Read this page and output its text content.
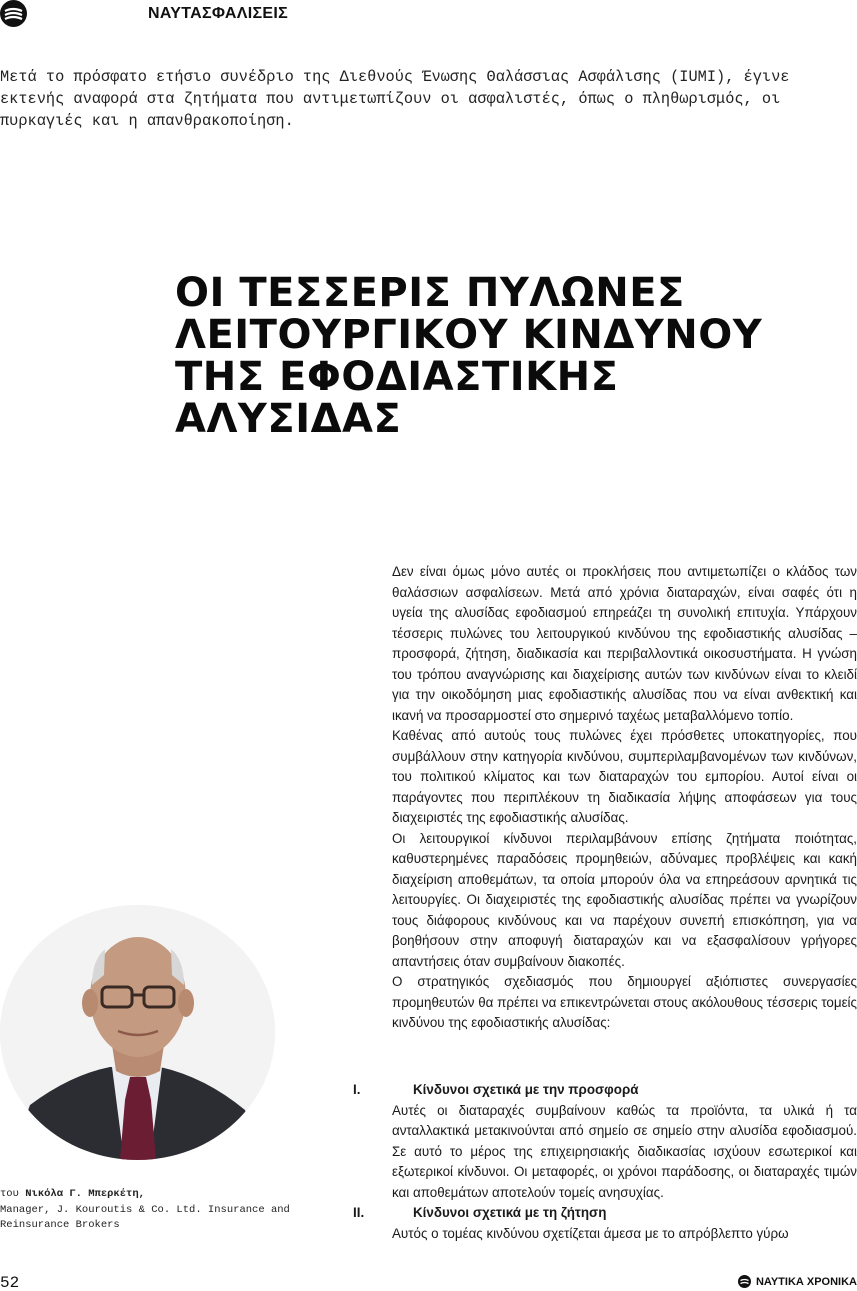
ΝΑΥΤΑΣΦΑΛΙΣΕΙΣ
Μετά το πρόσφατο ετήσιο συνέδριο της Διεθνούς Ένωσης Θαλάσσιας Ασφάλισης (IUMI), έγινε εκτενής αναφορά στα ζητήματα που αντιμετωπίζουν οι ασφαλιστές, όπως ο πληθωρισμός, οι πυρκαγιές και η απανθρακοποίηση.
ΟΙ ΤΕΣΣΕΡΙΣ ΠΥΛΩΝΕΣ
ΛΕΙΤΟΥΡΓΙΚΟΥ ΚΙΝΔΥΝΟΥ
ΤΗΣ ΕΦΟΔΙΑΣΤΙΚΗΣ
ΑΛΥΣΙΔΑΣ

Δεν είναι όμως μόνο αυτές οι προκλήσεις που αντιμετωπίζει ο κλάδος των θαλάσσιων ασφαλίσεων. Μετά από χρόνια διαταραχών, είναι σαφές ότι η υγεία της αλυσίδας εφοδιασμού επηρεάζει τη συνολική επιτυχία. Υπάρχουν τέσσερις πυλώνες του λειτουργικού κινδύνου της εφοδιαστικής αλυσίδας – προσφορά, ζήτηση, διαδικασία και περιβαλλοντικά οικοσυστήματα. Η γνώση του τρόπου αναγνώρισης και διαχείρισης αυτών των κινδύνων είναι το κλειδί για την οικοδόμηση μιας εφοδιαστικής αλυσίδας που να είναι ανθεκτική και ικανή να προσαρμοστεί στο σημερινό ταχέως μεταβαλλόμενο τοπίο.

Καθένας από αυτούς τους πυλώνες έχει πρόσθετες υποκατηγορίες, που συμβάλλουν στην κατηγορία κινδύνου, συμπεριλαμβανομένων των κινδύνων, του πολιτικού κλίματος και των διαταραχών του εμπορίου. Αυτοί είναι οι παράγοντες που περιπλέκουν τη διαδικασία λήψης αποφάσεων για τους διαχειριστές της εφοδιαστικής αλυσίδας.

Οι λειτουργικοί κίνδυνοι περιλαμβάνουν επίσης ζητήματα ποιότητας, καθυστερημένες παραδόσεις προμηθειών, αδύναμες προβλέψεις και κακή διαχείριση αποθεμάτων, τα οποία μπορούν όλα να επηρεάσουν αρνητικά τις λειτουργίες. Οι διαχειριστές της εφοδιαστικής αλυσίδας πρέπει να γνωρίζουν τους διάφορους κινδύνους και να παρέχουν συνεπή επισκόπηση, για να βοηθήσουν στην αποφυγή διαταραχών και να εξασφαλίσουν γρήγορες απαντήσεις όταν συμβαίνουν διακοπές.

Ο στρατηγικός σχεδιασμός που δημιουργεί αξιόπιστες συνεργασίες προμηθευτών θα πρέπει να επικεντρώνεται στους ακόλουθους τέσσερις τομείς κινδύνου της εφοδιαστικής αλυσίδας:

I.	Κίνδυνοι σχετικά με την προσφορά

Αυτές οι διαταραχές συμβαίνουν καθώς τα προϊόντα, τα υλικά ή τα ανταλλακτικά μετακινούνται από σημείο σε σημείο στην αλυσίδα εφοδιασμού. Σε αυτό το μέρος της επιχειρησιακής διαδικασίας ισχύουν εσωτερικοί και εξωτερικοί κίνδυνοι. Οι μεταφορές, οι χρόνοι παράδοσης, οι διαταραχές τιμών και αποθεμάτων αποτελούν τομείς ανησυχίας.

II.	Κίνδυνοι σχετικά με τη ζήτηση

Αυτός ο τομέας κινδύνου σχετίζεται άμεσα με το απρόβλεπτο γύρω

του Νικόλα Γ. Μπερκέτη,
Manager, J. Kouroutis & Co. Ltd. Insurance and Reinsurance Brokers
52	ΝΑΥΤΙΚΑ ΧΡΟΝΙΚΑ
